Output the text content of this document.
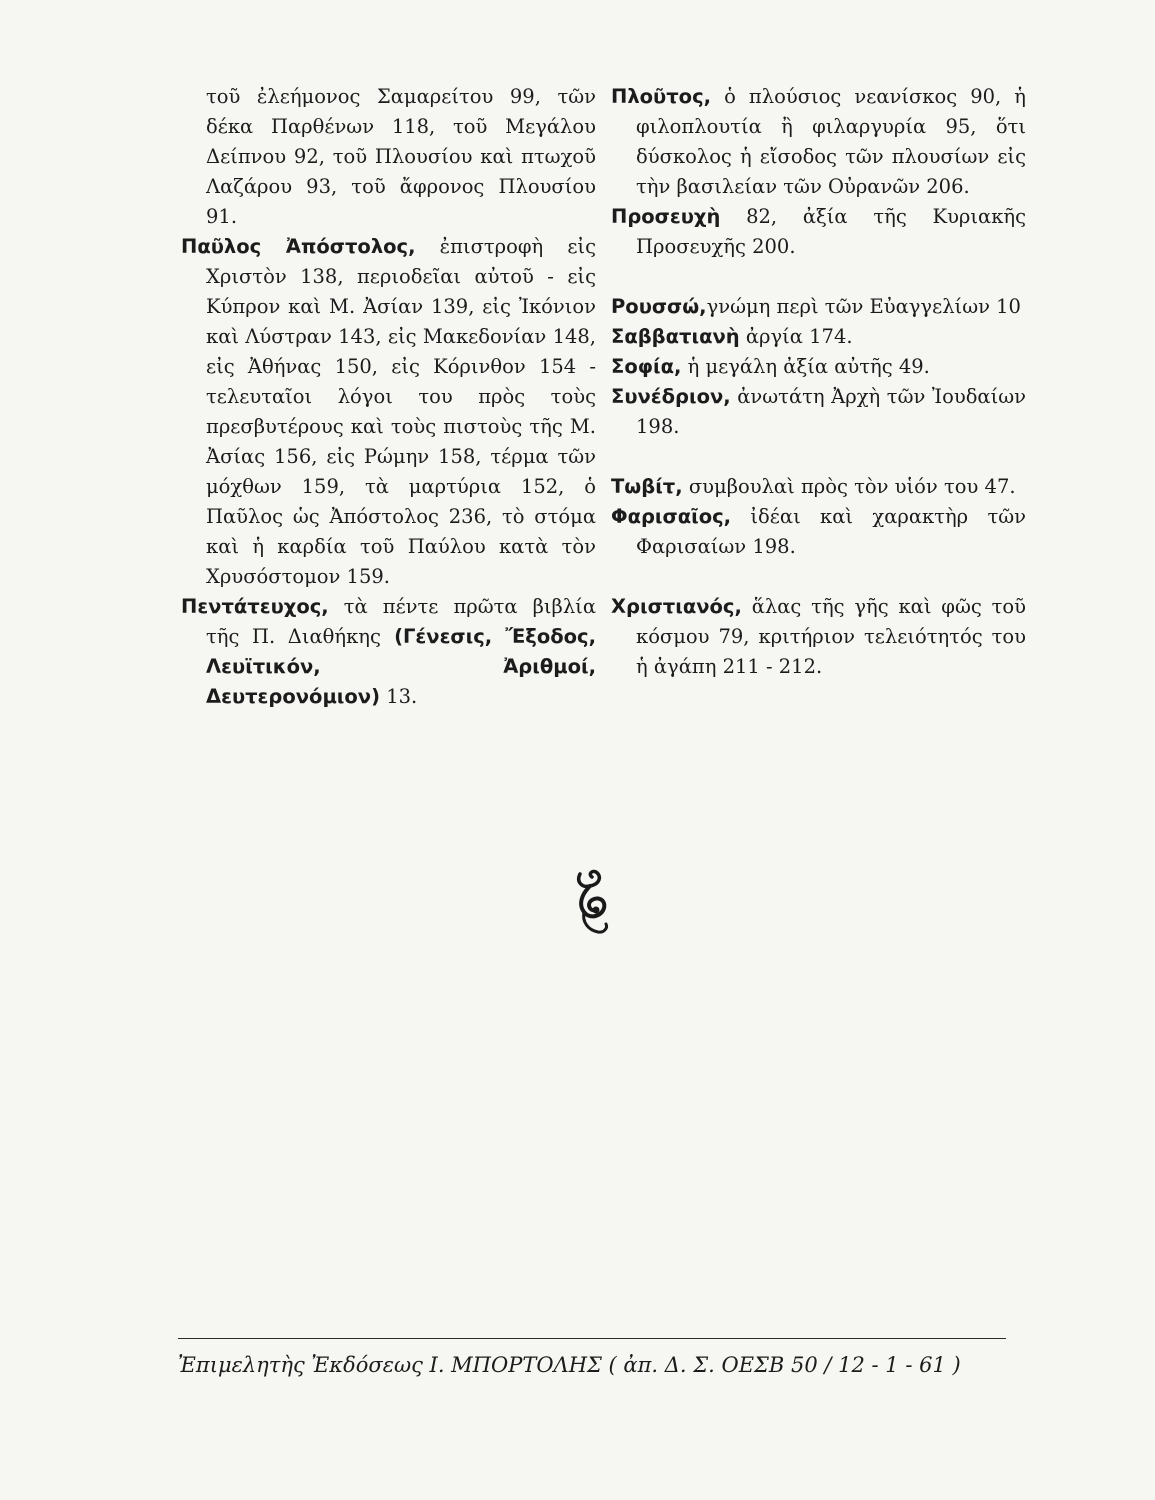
τοῦ ἐλεήμονος Σαμαρείτου 99, τῶν δέκα Παρθένων 118, τοῦ Μεγάλου Δείπνου 92, τοῦ Πλουσίου καὶ πτωχοῦ Λαζάρου 93, τοῦ ἄφρονος Πλουσίου 91.

Παῦλος Ἀπόστολος, ἐπιστροφὴ εἰς Χριστὸν 138, περιοδεῖαι αὐτοῦ - εἰς Κύπρον καὶ Μ. Ἀσίαν 139, εἰς Ἰκόνιον καὶ Λύστραν 143, εἰς Μακεδονίαν 148, εἰς Ἀθήνας 150, εἰς Κόρινθον 154 - τελευταῖοι λόγοι του πρὸς τοὺς πρεσβυτέρους καὶ τοὺς πιστοὺς τῆς Μ. Ἀσίας 156, εἰς Ρώμην 158, τέρμα τῶν μόχθων 159, τὰ μαρτύρια 152, ὁ Παῦλος ὡς Ἀπόστολος 236, τὸ στόμα καὶ ἡ καρδία τοῦ Παύλου κατὰ τὸν Χρυσόστομον 159.

Πεντάτευχος, τὰ πέντε πρῶτα βιβλία τῆς Π. Διαθήκης (Γένεσις, Ἔξοδος, Λευϊτικόν, Ἀριθμοί, Δευτερονόμιον) 13.

Πλοῦτος, ὁ πλούσιος νεανίσκος 90, ἡ φιλοπλουτία ἢ φιλαργυρία 95, ὅτι δύσκολος ἡ εἴσοδος τῶν πλουσίων εἰς τὴν βασιλείαν τῶν Οὐρανῶν 206.

Προσευχὴ 82, ἀξία τῆς Κυριακῆς Προσευχῆς 200.

Ρουσσώ,γνώμη περὶ τῶν Εὐαγγελίων 10

Σαββατιανὴ ἀργία 174.

Σοφία, ἡ μεγάλη ἀξία αὐτῆς 49.

Συνέδριον, ἀνωτάτη Ἀρχὴ τῶν Ἰουδαίων 198.

Τωβίτ, συμβουλαὶ πρὸς τὸν υἱόν του 47.

Φαρισαῖος, ἰδέαι καὶ χαρακτὴρ τῶν Φαρισαίων 198.

Χριστιανός, ἅλας τῆς γῆς καὶ φῶς τοῦ κόσμου 79, κριτήριον τελειότητός του ἡ ἀγάπη 211 - 212.

Ἐπιμελητὴς Ἐκδόσεως Ι. ΜΠΟΡΤΟΛΗΣ ( ἀπ. Δ. Σ. ΟΕΣΒ 50 / 12 - 1 - 61 )
